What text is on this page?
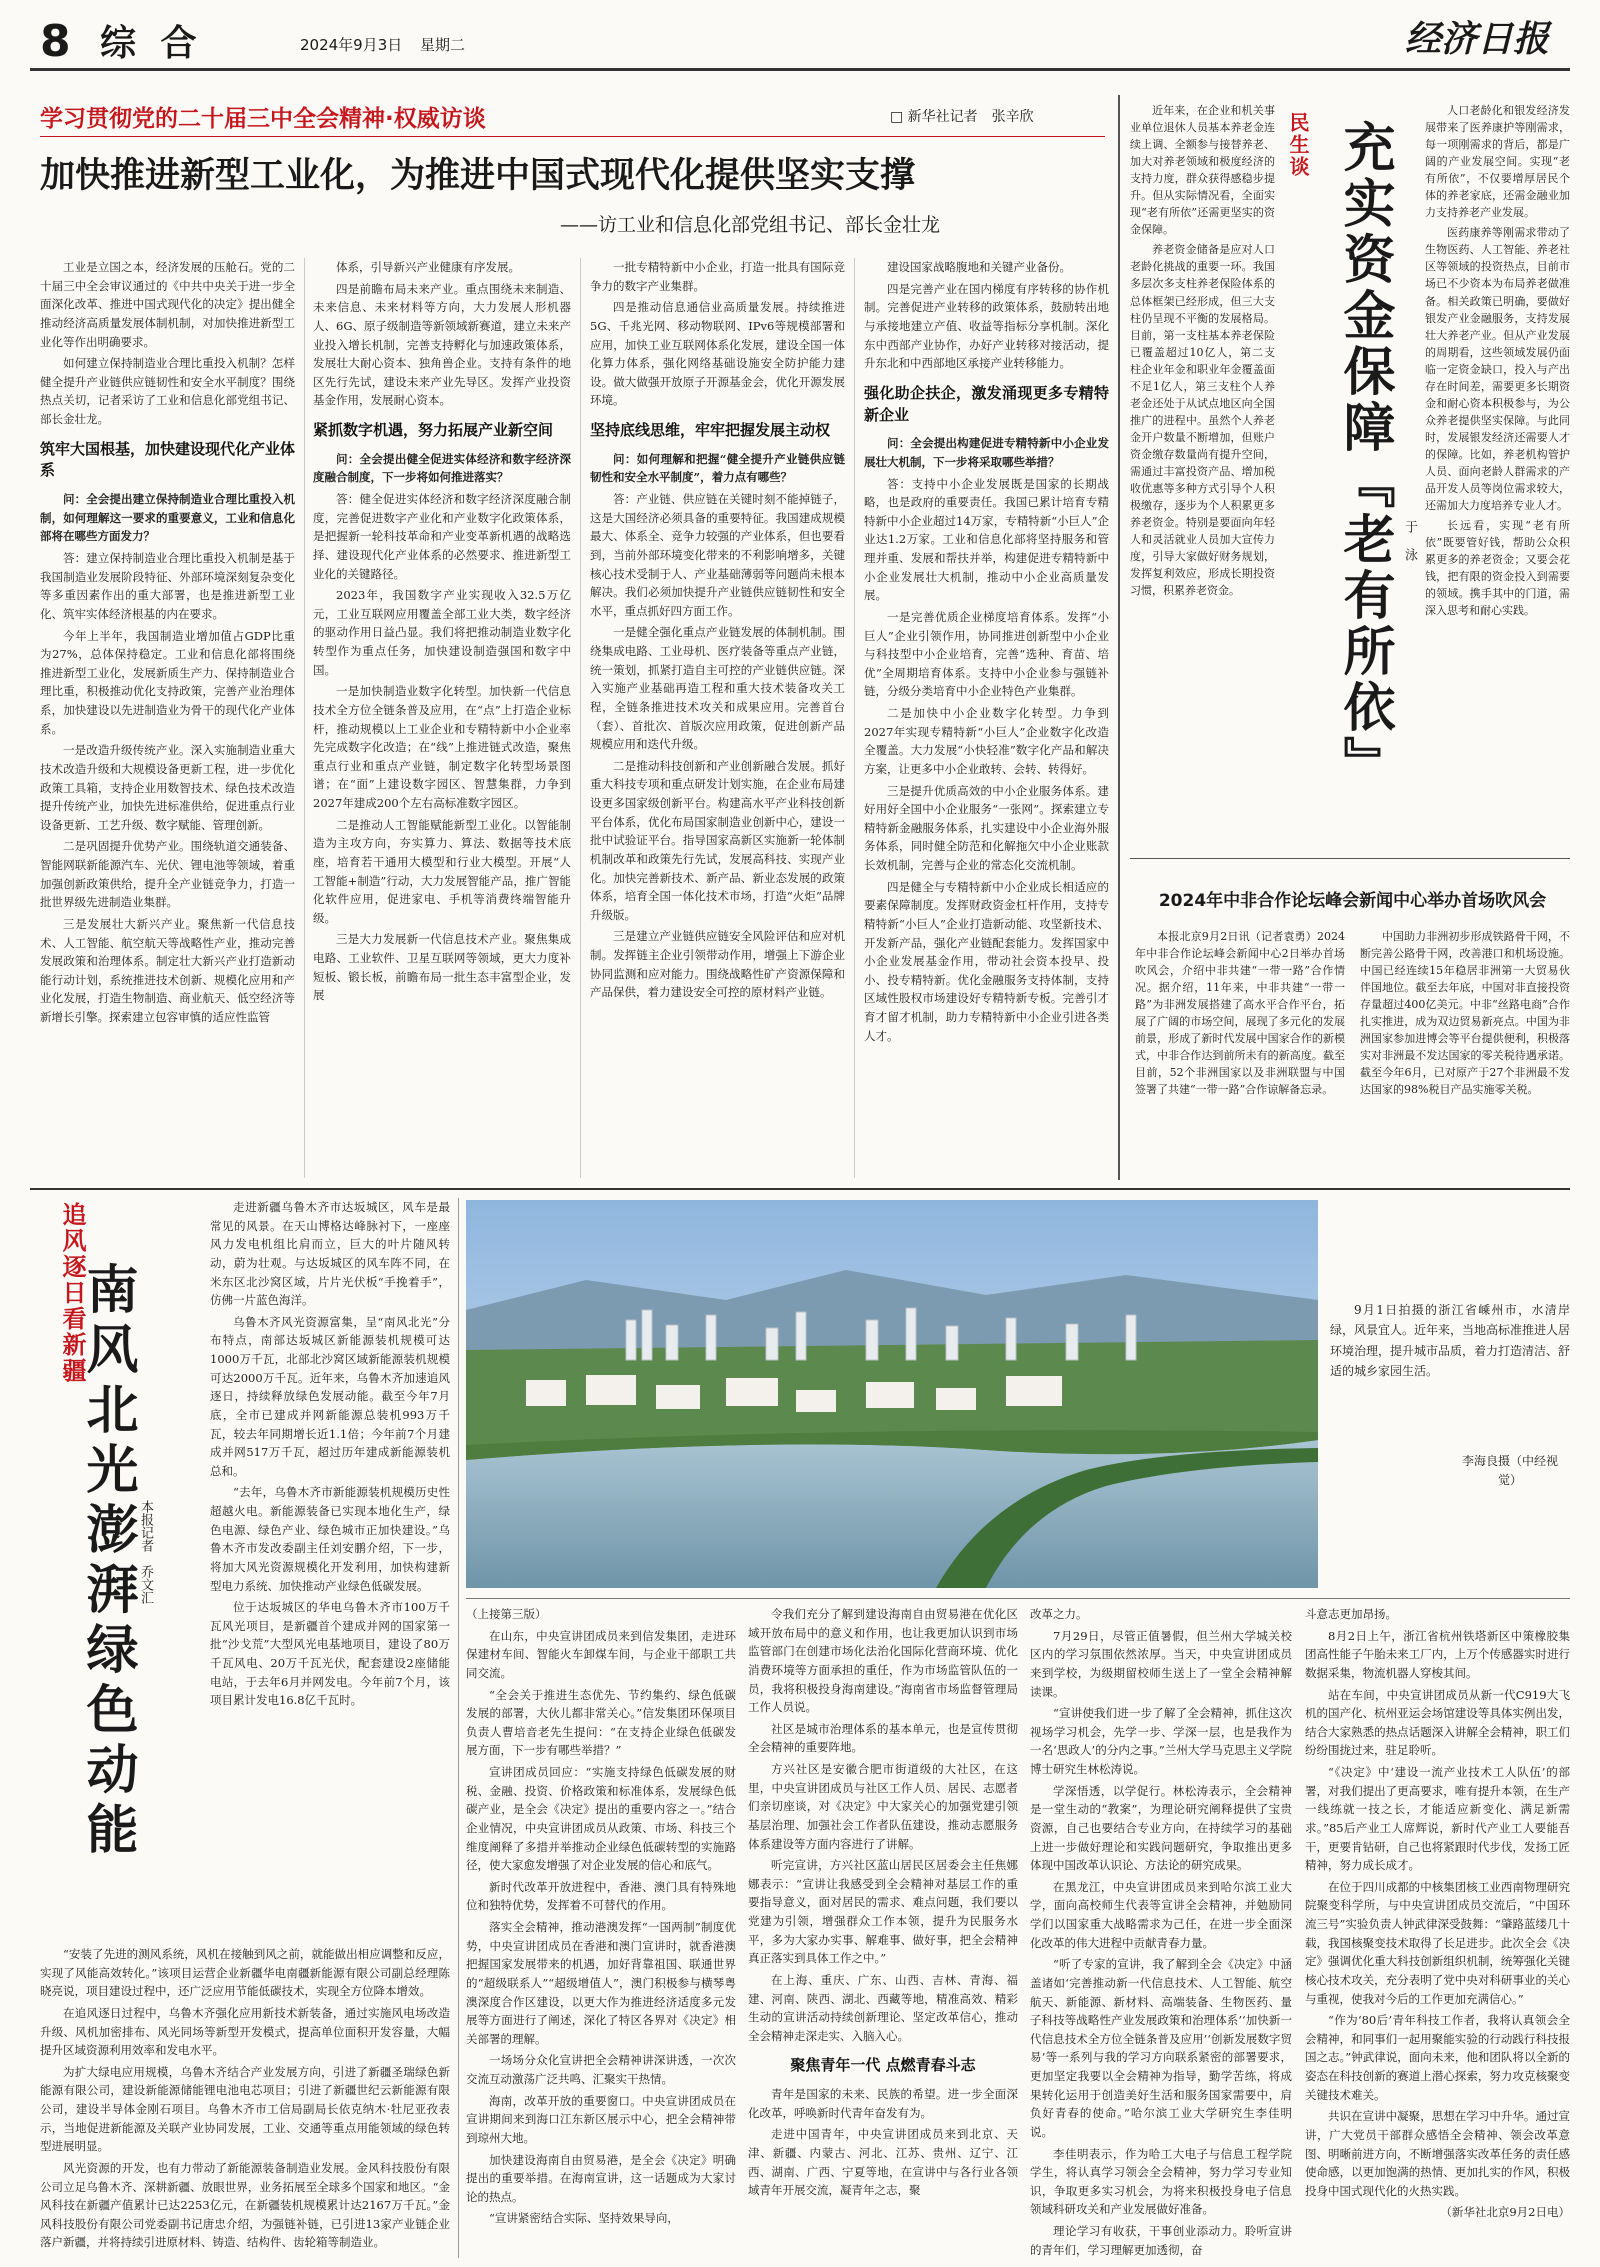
8 综 合	2024年9月3日 星期二	经济日报
学习贯彻党的二十届三中全会精神·权威访谈	□ 新华社记者　张辛欣
加快推进新型工业化，为推进中国式现代化提供坚实支撑
——访工业和信息化部党组书记、部长金壮龙

工业是立国之本，经济发展的压舱石。党的二十届三中全会审议通过的《中共中央关于进一步全面深化改革、推进中国式现代化的决定》提出健全推动经济高质量发展体制机制，对加快推进新型工业化等作出明确要求。

如何建立保持制造业合理比重投入机制？怎样健全提升产业链供应链韧性和安全水平制度？围绕热点关切，记者采访了工业和信息化部党组书记、部长金壮龙。

筑牢大国根基，加快建设现代化产业体系

问：全会提出建立保持制造业合理比重投入机制，如何理解这一要求的重要意义，工业和信息化部将在哪些方面发力？

答：建立保持制造业合理比重投入机制是基于我国制造业发展阶段特征、外部环境深刻复杂变化等多重因素作出的重大部署，也是推进新型工业化、筑牢实体经济根基的内在要求。

今年上半年，我国制造业增加值占GDP比重为27%，总体保持稳定。工业和信息化部将围绕推进新型工业化，发展新质生产力、保持制造业合理比重，积极推动优化支持政策，完善产业治理体系，加快建设以先进制造业为骨干的现代化产业体系。

一是改造升级传统产业。深入实施制造业重大技术改造升级和大规模设备更新工程，进一步优化政策工具箱，支持企业用数智技术、绿色技术改造提升传统产业，加快先进标准供给，促进重点行业设备更新、工艺升级、数字赋能、管理创新。

二是巩固提升优势产业。围绕轨道交通装备、智能网联新能源汽车、光伏、锂电池等领域，着重加强创新政策供给，提升全产业链竞争力，打造一批世界级先进制造业集群。

三是发展壮大新兴产业。聚焦新一代信息技术、人工智能、航空航天等战略性产业，推动完善发展政策和治理体系。制定壮大新兴产业打造新动能行动计划，系统推进技术创新、规模化应用和产业化发展，打造生物制造、商业航天、低空经济等新增长引擎。探索建立包容审慎的适应性监管

体系，引导新兴产业健康有序发展。

四是前瞻布局未来产业。重点围绕未来制造、未来信息、未来材料等方向，大力发展人形机器人、6G、原子级制造等新领域新赛道，建立未来产业投入增长机制，完善支持孵化与加速政策体系，发展壮大耐心资本、独角兽企业。支持有条件的地区先行先试，建设未来产业先导区。发挥产业投资基金作用，发展耐心资本。

紧抓数字机遇，努力拓展产业新空间

问：全会提出健全促进实体经济和数字经济深度融合制度，下一步将如何推进落实？

答：健全促进实体经济和数字经济深度融合制度，完善促进数字产业化和产业数字化政策体系，是把握新一轮科技革命和产业变革新机遇的战略选择、建设现代化产业体系的必然要求、推进新型工业化的关键路径。

2023年，我国数字产业实现收入32.5万亿元，工业互联网应用覆盖全部工业大类，数字经济的驱动作用日益凸显。我们将把推动制造业数字化转型作为重点任务，加快建设制造强国和数字中国。

一是加快制造业数字化转型。加快新一代信息技术全方位全链条普及应用，在“点”上打造企业标杆，推动规模以上工业企业和专精特新中小企业率先完成数字化改造；在“线”上推进链式改造，聚焦重点行业和重点产业链，制定数字化转型场景图谱；在“面”上建设数字园区、智慧集群，力争到2027年建成200个左右高标准数字园区。

二是推动人工智能赋能新型工业化。以智能制造为主攻方向，夯实算力、算法、数据等技术底座，培育若干通用大模型和行业大模型。开展“人工智能+制造”行动，大力发展智能产品，推广智能化软件应用，促进家电、手机等消费终端智能升级。

三是大力发展新一代信息技术产业。聚焦集成电路、工业软件、卫星互联网等领域，更大力度补短板、锻长板，前瞻布局一批生态丰富型企业，发展

一批专精特新中小企业，打造一批具有国际竞争力的数字产业集群。

四是推动信息通信业高质量发展。持续推进5G、千兆光网、移动物联网、IPv6等规模部署和应用，加快工业互联网体系化发展，建设全国一体化算力体系，强化网络基础设施安全防护能力建设。做大做强开放原子开源基金会，优化开源发展环境。

坚持底线思维，牢牢把握发展主动权

问：如何理解和把握“健全提升产业链供应链韧性和安全水平制度”，着力点有哪些？

答：产业链、供应链在关键时刻不能掉链子，这是大国经济必须具备的重要特征。我国建成规模最大、体系全、竞争力较强的产业体系，但也要看到，当前外部环境变化带来的不利影响增多，关键核心技术受制于人、产业基础薄弱等问题尚未根本解决。我们必须加快提升产业链供应链韧性和安全水平，重点抓好四方面工作。

一是健全强化重点产业链发展的体制机制。围绕集成电路、工业母机、医疗装备等重点产业链，统一策划，抓紧打造自主可控的产业链供应链。深入实施产业基础再造工程和重大技术装备攻关工程，全链条推进技术攻关和成果应用。完善首台（套）、首批次、首版次应用政策，促进创新产品规模应用和迭代升级。

二是推动科技创新和产业创新融合发展。抓好重大科技专项和重点研发计划实施，在企业布局建设更多国家级创新平台。构建高水平产业科技创新平台体系，优化布局国家制造业创新中心，建设一批中试验证平台。指导国家高新区实施新一轮体制机制改革和政策先行先试，发展高科技、实现产业化。加快完善新技术、新产品、新业态发展的政策体系，培育全国一体化技术市场，打造“火炬”品牌升级版。

三是建立产业链供应链安全风险评估和应对机制。发挥链主企业引领带动作用，增强上下游企业协同监测和应对能力。围绕战略性矿产资源保障和产品保供，着力建设安全可控的原材料产业链。

建设国家战略腹地和关键产业备份。

四是完善产业在国内梯度有序转移的协作机制。完善促进产业转移的政策体系，鼓励转出地与承接地建立产值、收益等指标分享机制。深化东中西部产业协作，办好产业转移对接活动，提升东北和中西部地区承接产业转移能力。

强化助企扶企，激发涌现更多专精特新企业

问：全会提出构建促进专精特新中小企业发展壮大机制，下一步将采取哪些举措？

答：支持中小企业发展既是国家的长期战略，也是政府的重要责任。我国已累计培育专精特新中小企业超过14万家，专精特新“小巨人”企业达1.2万家。工业和信息化部将坚持服务和管理并重、发展和帮扶并举，构建促进专精特新中小企业发展壮大机制，推动中小企业高质量发展。

一是完善优质企业梯度培育体系。发挥“小巨人”企业引领作用，协同推进创新型中小企业与科技型中小企业培育，完善“选种、育苗、培优”全周期培育体系。支持中小企业参与强链补链，分级分类培育中小企业特色产业集群。

二是加快中小企业数字化转型。力争到2027年实现专精特新“小巨人”企业数字化改造全覆盖。大力发展“小快轻准”数字化产品和解决方案，让更多中小企业敢转、会转、转得好。

三是提升优质高效的中小企业服务体系。建好用好全国中小企业服务“一张网”。探索建立专精特新金融服务体系，扎实建设中小企业海外服务体系，同时健全防范和化解拖欠中小企业账款长效机制，完善与企业的常态化交流机制。

四是健全与专精特新中小企业成长相适应的要素保障制度。发挥财政资金杠杆作用，支持专精特新“小巨人”企业打造新动能、攻坚新技术、开发新产品，强化产业链配套能力。发挥国家中小企业发展基金作用，带动社会资本投早、投小、投专精特新。优化金融服务支持体制，支持区域性股权市场建设好专精特新专板。完善引才育才留才机制，助力专精特新中小企业引进各类人才。

民生谈 充实资金保障『老有所依』 于 泳

近年来，在企业和机关事业单位退休人员基本养老金连续上调、全额参与接替养老、加大对养老领域和极度经济的支持力度，群众获得感稳步提升。但从实际情况看，全面实现“老有所依”还需更坚实的资金保障。

养老资金储备是应对人口老龄化挑战的重要一环。我国多层次多支柱养老保险体系的总体框架已经形成，但三大支柱仍呈现不平衡的发展格局。目前，第一支柱基本养老保险已覆盖超过10亿人，第二支柱企业年金和职业年金覆盖面不足1亿人，第三支柱个人养老金还处于从试点地区向全国推广的进程中。虽然个人养老金开户数量不断增加，但账户资金缴存数量尚有提升空间，需通过丰富投资产品、增加税收优惠等多种方式引导个人积极缴存，逐步为个人积累更多养老资金。特别是要面向年轻人和灵活就业人员加大宣传力度，引导大家做好财务规划，发挥复利效应，形成长期投资习惯，积累养老资金。

人口老龄化和银发经济发展带来了医养康护等刚需求，每一项刚需求的背后，都是广阔的产业发展空间。实现“老有所依”，不仅要增厚居民个体的养老家底，还需金融业加力支持养老产业发展。

医药康养等刚需求带动了生物医药、人工智能、养老社区等领域的投资热点，目前市场已不少资本为布局养老做准备。相关政策已明确，要做好银发产业金融服务，支持发展壮大养老产业。但从产业发展的周期看，这些领域发展仍面临一定资金缺口，投入与产出存在时间差，需要更多长期资金和耐心资本积极参与，为公众养老提供坚实保障。与此同时，发展银发经济还需要人才的保障。比如，养老机构管护人员、面向老龄人群需求的产品开发人员等岗位需求较大，还需加大力度培养专业人才。

长远看，实现“老有所依”既要管好钱，帮助公众积累更多的养老资金；又要会花钱，把有限的资金投入到需要的领域。携手其中的门道，需深入思考和耐心实践。

2024年中非合作论坛峰会新闻中心举办首场吹风会

本报北京9月2日讯（记者袁勇）2024年中非合作论坛峰会新闻中心2日举办首场吹风会，介绍中非共建“一带一路”合作情况。据介绍，11年来，中非共建“一带一路”为非洲发展搭建了高水平合作平台，拓展了广阔的市场空间，展现了多元化的发展前景，形成了新时代发展中国家合作的新模式，中非合作达到前所未有的新高度。截至目前，52个非洲国家以及非洲联盟与中国签署了共建“一带一路”合作谅解备忘录。

中国助力非洲初步形成铁路骨干网，不断完善公路骨干网，改善港口和机场设施。中国已经连续15年稳居非洲第一大贸易伙伴国地位。截至去年底，中国对非直接投资存量超过400亿美元。中非“丝路电商”合作扎实推进，成为双边贸易新亮点。中国为非洲国家参加进博会等平台提供便利，积极落实对非洲最不发达国家的零关税待遇承诺。截至今年6月，已对原产于27个非洲最不发达国家的98%税目产品实施零关税。

追风逐日看新疆
南风北光澎湃绿色动能 本报记者　乔文汇

走进新疆乌鲁木齐市达坂城区，风车是最常见的风景。在天山博格达峰脉衬下，一座座风力发电机组比肩而立，巨大的叶片随风转动，蔚为壮观。与达坂城区的风车阵不同，在米东区北沙窝区域，片片光伏板“手挽着手”，仿佛一片蓝色海洋。

乌鲁木齐风光资源富集，呈“南风北光”分布特点，南部达坂城区新能源装机规模可达1000万千瓦，北部北沙窝区域新能源装机规模可达2000万千瓦。近年来，乌鲁木齐加速追风逐日，持续释放绿色发展动能。截至今年7月底，全市已建成并网新能源总装机993万千瓦，较去年同期增长近1.1倍；今年前7个月建成并网517万千瓦，超过历年建成新能源装机总和。

“去年，乌鲁木齐市新能源装机规模历史性超越火电。新能源装备已实现本地化生产，绿色电源、绿色产业、绿色城市正加快建设。”乌鲁木齐市发改委副主任刘安鹏介绍，下一步，将加大风光资源规模化开发利用，加快构建新型电力系统、加快推动产业绿色低碳发展。

位于达坂城区的华电乌鲁木齐市100万千瓦风光项目，是新疆首个建成并网的国家第一批“沙戈荒”大型风光电基地项目，建设了80万千瓦风电、20万千瓦光伏，配套建设2座储能电站，于去年6月并网发电。今年前7个月，该项目累计发电16.8亿千瓦时。

“安装了先进的测风系统，风机在接触到风之前，就能做出相应调整和反应，实现了风能高效转化。”该项目运营企业新疆华电南疆新能源有限公司副总经理陈晓亮说，项目建设过程中，还广泛应用节能低碳技术，实现全方位降本增效。

在追风逐日过程中，乌鲁木齐强化应用新技术新装备，通过实施风电场改造升级、风机加密排布、风光同场等新型开发模式，提高单位面积开发容量，大幅提升区域资源利用效率和发电水平。

为扩大绿电应用规模，乌鲁木齐结合产业发展方向，引进了新疆圣瑞绿色新能源有限公司，建设新能源储能锂电池电芯项目；引进了新疆世纪云新能源有限公司，建设半导体金刚石项目。乌鲁木齐市工信局副局长依克纳木·牡尼亚孜表示，当地促进新能源及关联产业协同发展，工业、交通等重点用能领域的绿色转型进展明显。

风光资源的开发，也有力带动了新能源装备制造业发展。金风科技股份有限公司立足乌鲁木齐、深耕新疆、放眼世界，业务拓展至全球多个国家和地区。“金风科技在新疆产值累计已达2253亿元，在新疆装机规模累计达2167万千瓦。”金风科技股份有限公司党委副书记唐忠介绍，为强链补链，已引进13家产业链企业落户新疆，并将持续引进原材料、铸造、结构件、齿轮箱等制造业。

9月1日拍摄的浙江省嵊州市，水清岸绿，风景宜人。近年来，当地高标准推进人居环境治理，提升城市品质，着力打造清洁、舒适的城乡家园生活。

李海良摄（中经视觉）

（上接第三版）

在山东，中央宣讲团成员来到信发集团，走进环保建材车间、智能火车卸煤车间，与企业干部职工共同交流。

“全会关于推进生态优先、节约集约、绿色低碳发展的部署，大伙儿都非常关心。”信发集团环保项目负责人曹培音老先生提问：“在支持企业绿色低碳发展方面，下一步有哪些举措？”

宣讲团成员回应：“实施支持绿色低碳发展的财税、金融、投资、价格政策和标准体系，发展绿色低碳产业，是全会《决定》提出的重要内容之一。”结合企业情况，中央宣讲团成员从政策、市场、科技三个维度阐释了多措并举推动企业绿色低碳转型的实施路径，使大家愈发增强了对企业发展的信心和底气。

新时代改革开放进程中，香港、澳门具有特殊地位和独特优势，发挥着不可替代的作用。

落实全会精神，推动港澳发挥“一国两制”制度优势，中央宣讲团成员在香港和澳门宣讲时，就香港澳把握国家发展带来的机遇，加好背靠祖国、联通世界的“超级联系人”“超级增值人”，澳门积极参与横琴粤澳深度合作区建设，以更大作为推进经济适度多元发展等方面进行了阐述，深化了特区各界对《决定》相关部署的理解。

一场场分众化宣讲把全会精神讲深讲透，一次次交流互动激荡广泛共鸣、汇聚实干热情。

海南，改革开放的重要窗口。中央宣讲团成员在宣讲期间来到海口江东新区展示中心，把全会精神带到琼州大地。

加快建设海南自由贸易港，是全会《决定》明确提出的重要举措。在海南宣讲，这一话题成为大家讨论的热点。

“宣讲紧密结合实际、坚持效果导向，

令我们充分了解到建设海南自由贸易港在优化区域开放布局中的意义和作用，也让我更加认识到市场监管部门在创建市场化法治化国际化营商环境、优化消费环境等方面承担的重任，作为市场监管队伍的一员，我将积极投身海南建设。”海南省市场监督管理局工作人员说。

社区是城市治理体系的基本单元，也是宣传贯彻全会精神的重要阵地。

方兴社区是安徽合肥市街道级的大社区，在这里，中央宣讲团成员与社区工作人员、居民、志愿者们亲切座谈，对《决定》中大家关心的加强党建引领基层治理、加强社会工作者队伍建设，推动志愿服务体系建设等方面内容进行了讲解。

听完宣讲，方兴社区蓝山居民区居委会主任焦娜娜表示：“宣讲让我感受到全会精神对基层工作的重要指导意义，面对居民的需求、难点问题，我们要以党建为引领，增强群众工作本领，提升为民服务水平，多为大家办实事、解难事、做好事，把全会精神真正落实到具体工作之中。”

在上海、重庆、广东、山西、吉林、青海、福建、河南、陕西、湖北、西藏等地，精准高效、精彩生动的宣讲活动持续创新理论、坚定改革信心，推动全会精神走深走实、入脑入心。

聚焦青年一代 点燃青春斗志

青年是国家的未来、民族的希望。进一步全面深化改革，呼唤新时代青年奋发有为。

走进中国青年，中央宣讲团成员来到北京、天津、新疆、内蒙古、河北、江苏、贵州、辽宁、江西、湖南、广西、宁夏等地，在宣讲中与各行业各领域青年开展交流，凝青年之志，聚

改革之力。

7月29日，尽管正值暑假，但兰州大学城关校区内的学习氛围依然浓厚。当天，中央宣讲团成员来到学校，为级期留校师生送上了一堂全会精神解读课。

“宣讲使我们进一步了解了全会精神，抓住这次视场学习机会，先学一步、学深一层，也是我作为一名‘思政人’的分内之事。”兰州大学马克思主义学院博士研究生林松涛说。

学深悟透，以学促行。林松涛表示，全会精神是一堂生动的“教案”，为理论研究阐释提供了宝贵资源，自己也要结合专业方向，在持续学习的基础上进一步做好理论和实践问题研究，争取推出更多体现中国改革认识论、方法论的研究成果。

在黑龙江，中央宣讲团成员来到哈尔滨工业大学，面向高校师生代表等宣讲全会精神，并勉励同学们以国家重大战略需求为己任，在进一步全面深化改革的伟大进程中贡献青春力量。

“听了专家的宣讲，我了解到全会《决定》中涵盖诸如‘完善推动新一代信息技术、人工智能、航空航天、新能源、新材料、高端装备、生物医药、量子科技等战略性产业发展政策和治理体系’‘加快新一代信息技术全方位全链条普及应用’‘创新发展数字贸易’等一系列与我的学习方向联系紧密的部署要求，更加坚定我要以全会精神为指导，勤学苦练，将成果转化运用于创造美好生活和服务国家需要中，肩负好青春的使命。”哈尔滨工业大学研究生李佳明说。

李佳明表示，作为哈工大电子与信息工程学院学生，将认真学习领会全会精神，努力学习专业知识，争取更多实习机会，为将来积极投身电子信息领域科研攻关和产业发展做好准备。

理论学习有收获，干事创业添动力。聆听宣讲的青年们，学习理解更加透彻，奋

斗意志更加昂扬。

8月2日上午，浙江省杭州铁塔新区中策橡胶集团高性能子午胎未来工厂内，上万个传感器实时进行数据采集，物流机器人穿梭其间。

站在车间，中央宣讲团成员从新一代C919大飞机的国产化、杭州亚运会场馆建设等具体实例出发，结合大家熟悉的热点话题深入讲解全会精神，职工们纷纷围拢过来，驻足聆听。

“《决定》中‘建设一流产业技术工人队伍’的部署，对我们提出了更高要求，唯有提升本领，在生产一线练就一技之长，才能适应新变化、满足新需求。”85后产业工人席辉说，新时代产业工人要能吾干，更要肯钻研，自己也将紧跟时代步伐，发扬工匠精神，努力成长成才。

在位于四川成都的中核集团核工业西南物理研究院聚变科学所，与中央宣讲团成员交流后，“中国环流三号”实验负责人钟武律深受鼓舞：“肇路蓝缕几十载，我国核聚变技术取得了长足进步。此次全会《决定》强调优化重大科技创新组织机制，统筹强化关键核心技术攻关，充分表明了党中央对科研事业的关心与重视，使我对今后的工作更加充满信心。”

“作为‘80后’青年科技工作者，我将认真领会全会精神，和同事们一起用聚能实验的行动践行科技报国之志。”钟武律说，面向未来，他和团队将以全新的姿态在科技创新的赛道上潜心探索，努力攻克核聚变关键技术难关。

共识在宣讲中凝聚，思想在学习中升华。通过宣讲，广大党员干部群众感悟全会精神、领会改革意图、明晰前进方向，不断增强落实改革任务的责任感使命感，以更加饱满的热情、更加扎实的作风，积极投身中国式现代化的火热实践。

（新华社北京9月2日电）
